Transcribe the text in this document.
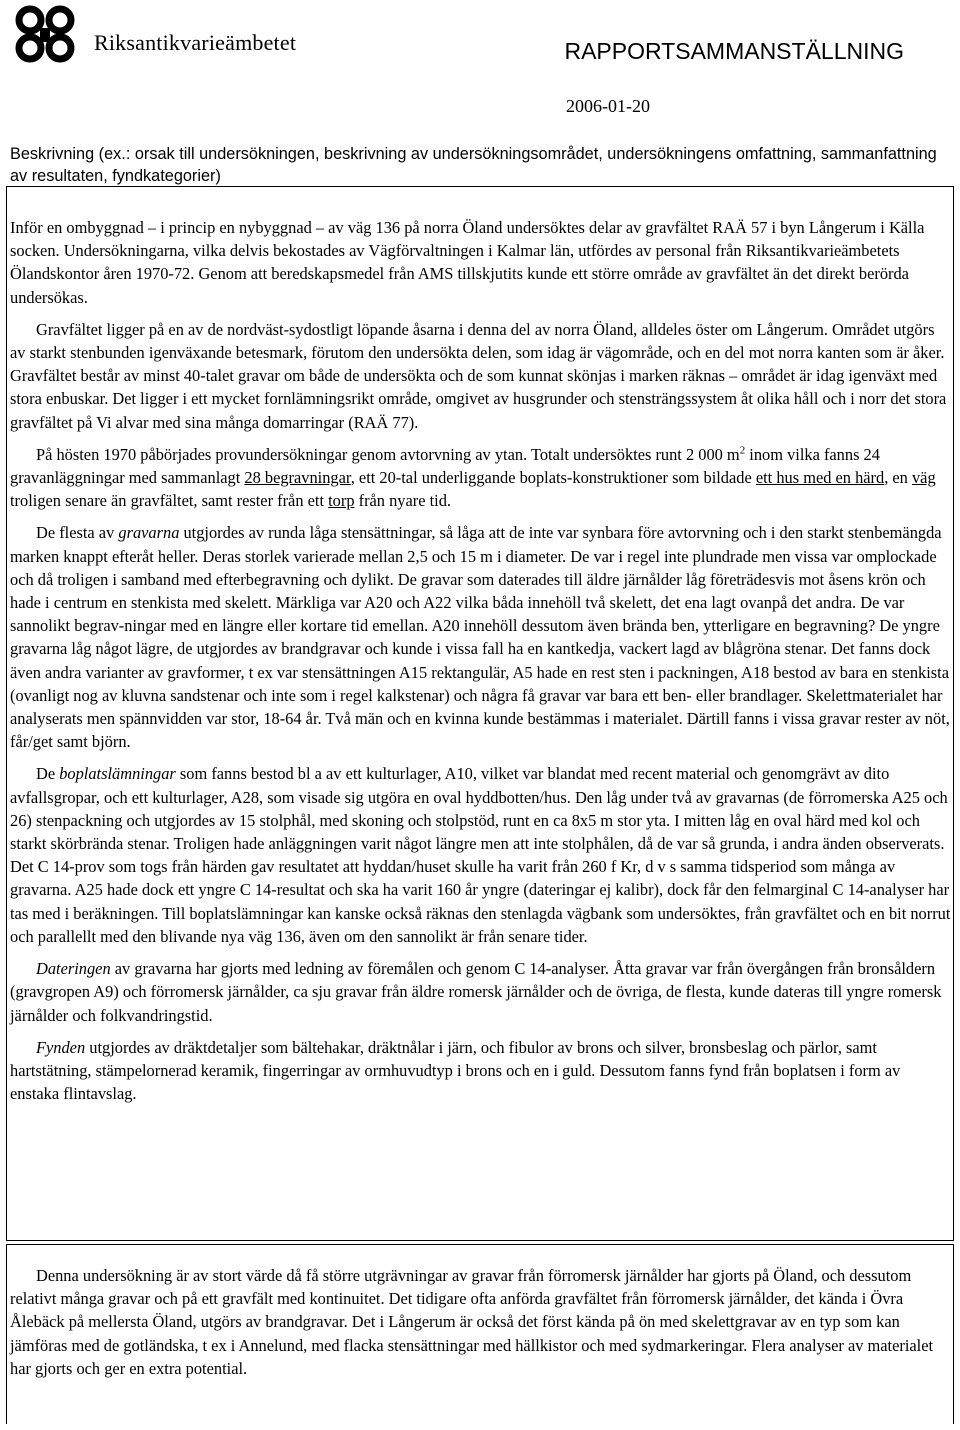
Riksantikvarieämbetet	RAPPORTSAMMANSTÄLLNING
2006-01-20
Beskrivning (ex.: orsak till undersökningen, beskrivning av undersökningsområdet, undersökningens omfattning, sammanfattning av resultaten, fyndkategorier)

Inför en ombyggnad – i princip en nybyggnad – av väg 136 på norra Öland undersöktes delar av gravfältet RAÄ 57 i byn Långerum i Källa socken. Undersökningarna, vilka delvis bekostades av Vägförvaltningen i Kalmar län, utfördes av personal från Riksantikvarieämbetets Ölandskontor åren 1970-72. Genom att beredskapsmedel från AMS tillskjutits kunde ett större område av gravfältet än det direkt berörda undersökas.

Gravfältet ligger på en av de nordväst-sydostligt löpande åsarna i denna del av norra Öland, alldeles öster om Långerum. Området utgörs av starkt stenbunden igenväxande betesmark, förutom den undersökta delen, som idag är vägområde, och en del mot norra kanten som är åker. Gravfältet består av minst 40-talet gravar om både de undersökta och de som kunnat skönjas i marken räknas – området är idag igenväxt med stora enbuskar. Det ligger i ett mycket fornlämningsrikt område, omgivet av husgrunder och stensträngssystem åt olika håll och i norr det stora gravfältet på Vi alvar med sina många domarringar (RAÄ 77).

På hösten 1970 påbörjades provundersökningar genom avtorvning av ytan. Totalt undersöktes runt 2 000 $m^2$ inom vilka fanns 24 gravanläggningar med sammanlagt 28 begravningar, ett 20-tal underliggande boplats-konstruktioner som bildade ett hus med en härd, en väg troligen senare än gravfältet, samt rester från ett torp från nyare tid.

De flesta av gravarna utgjordes av runda låga stensättningar, så låga att de inte var synbara före avtorvning och i den starkt stenbemängda marken knappt efteråt heller. Deras storlek varierade mellan 2,5 och 15 m i diameter. De var i regel inte plundrade men vissa var omplockade och då troligen i samband med efterbegravning och dylikt. De gravar som daterades till äldre järnålder låg företrädesvis mot åsens krön och hade i centrum en stenkista med skelett. Märkliga var A20 och A22 vilka båda innehöll två skelett, det ena lagt ovanpå det andra. De var sannolikt begrav-ningar med en längre eller kortare tid emellan. A20 innehöll dessutom även brända ben, ytterligare en begravning? De yngre gravarna låg något lägre, de utgjordes av brandgravar och kunde i vissa fall ha en kantkedja, vackert lagd av blågröna stenar. Det fanns dock även andra varianter av gravformer, t ex var stensättningen A15 rektangulär, A5 hade en rest sten i packningen, A18 bestod av bara en stenkista (ovanligt nog av kluvna sandstenar och inte som i regel kalkstenar) och några få gravar var bara ett ben- eller brandlager. Skelettmaterialet har analyserats men spännvidden var stor, 18-64 år. Två män och en kvinna kunde bestämmas i materialet. Därtill fanns i vissa gravar rester av nöt, får/get samt björn.

De boplatslämningar som fanns bestod bl a av ett kulturlager, A10, vilket var blandat med recent material och genomgrävt av dito avfallsgropar, och ett kulturlager, A28, som visade sig utgöra en oval hyddbotten/hus. Den låg under två av gravarnas (de förromerska A25 och 26) stenpackning och utgjordes av 15 stolphål, med skoning och stolpstöd, runt en ca 8x5 m stor yta. I mitten låg en oval härd med kol och starkt skörbrända stenar. Troligen hade anläggningen varit något längre men att inte stolphålen, då de var så grunda, i andra änden observerats. Det C 14-prov som togs från härden gav resultatet att hyddan/huset skulle ha varit från 260 f Kr, d v s samma tidsperiod som många av gravarna. A25 hade dock ett yngre C 14-resultat och ska ha varit 160 år yngre (dateringar ej kalibr), dock får den felmarginal C 14-analyser har tas med i beräkningen. Till boplatslämningar kan kanske också räknas den stenlagda vägbank som undersöktes, från gravfältet och en bit norrut och parallellt med den blivande nya väg 136, även om den sannolikt är från senare tider.

Dateringen av gravarna har gjorts med ledning av föremålen och genom C 14-analyser. Åtta gravar var från övergången från bronsåldern (gravgropen A9) och förromersk järnålder, ca sju gravar från äldre romersk järnålder och de övriga, de flesta, kunde dateras till yngre romersk järnålder och folkvandringstid.

Fynden utgjordes av dräktdetaljer som bältehakar, dräktnålar i järn, och fibulor av brons och silver, bronsbeslag och pärlor, samt hartstätning, stämpelornerad keramik, fingerringar av ormhuvudtyp i brons och en i guld. Dessutom fanns fynd från boplatsen i form av enstaka flintavslag.

Denna undersökning är av stort värde då få större utgrävningar av gravar från förromersk järnålder har gjorts på Öland, och dessutom relativt många gravar och på ett gravfält med kontinuitet. Det tidigare ofta anförda gravfältet från förromersk järnålder, det kända i Övra Ålebäck på mellersta Öland, utgörs av brandgravar. Det i Långerum är också det först kända på ön med skelettgravar av en typ som kan jämföras med de gotländska, t ex i Annelund, med flacka stensättningar med hällkistor och med sydmarkeringar. Flera analyser av materialet har gjorts och ger en extra potential.
